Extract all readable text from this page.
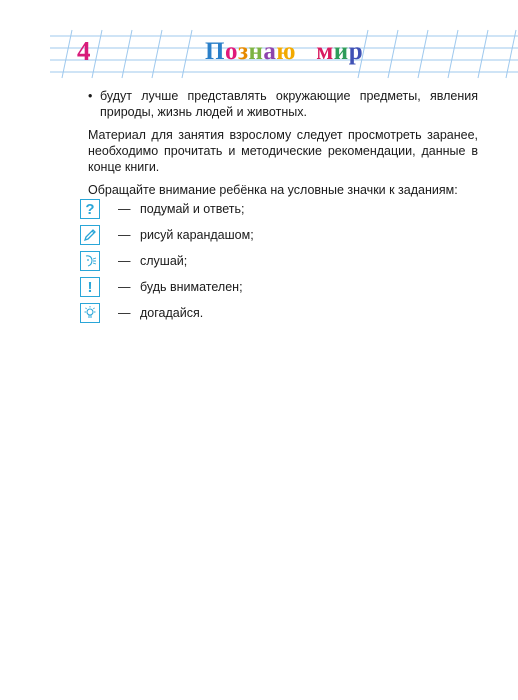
4	Познаю мир
• будут лучше представлять окружающие предметы, явления природы, жизнь людей и животных.
Материал для занятия взрослому следует просмотреть заранее, необходимо прочитать и методические рекомендации, данные в конце книги.
Обращайте внимание ребёнка на условные значки к заданиям:
?	— подумай и ответь;
— рисуй карандашом;
— слушай;
!	— будь внимателен;
— догадайся.
